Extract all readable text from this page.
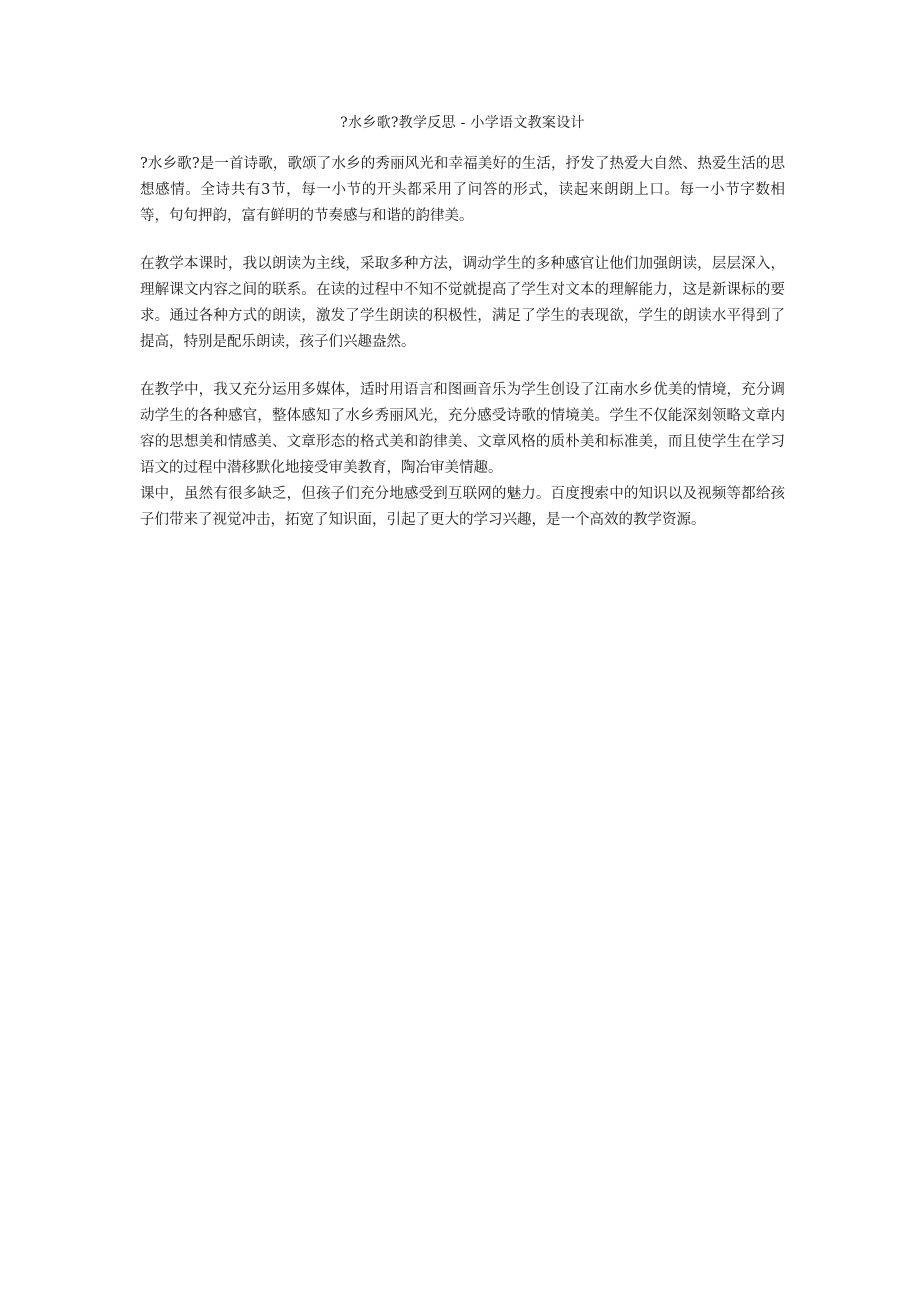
?水乡歌?教学反思 - 小学语文教案设计

?水乡歌?是一首诗歌，歌颂了水乡的秀丽风光和幸福美好的生活，抒发了热爱大自然、热爱生活的思想感情。全诗共有3节，每一小节的开头都采用了问答的形式，读起来朗朗上口。每一小节字数相等，句句押韵，富有鲜明的节奏感与和谐的韵律美。

在教学本课时，我以朗读为主线，采取多种方法，调动学生的多种感官让他们加强朗读，层层深入，理解课文内容之间的联系。在读的过程中不知不觉就提高了学生对文本的理解能力，这是新课标的要求。通过各种方式的朗读，激发了学生朗读的积极性，满足了学生的表现欲，学生的朗读水平得到了提高，特别是配乐朗读，孩子们兴趣盎然。

在教学中，我又充分运用多媒体，适时用语言和图画音乐为学生创设了江南水乡优美的情境，充分调动学生的各种感官，整体感知了水乡秀丽风光，充分感受诗歌的情境美。学生不仅能深刻领略文章内容的思想美和情感美、文章形态的格式美和韵律美、文章风格的质朴美和标准美，而且使学生在学习语文的过程中潜移默化地接受审美教育，陶冶审美情趣。

课中，虽然有很多缺乏，但孩子们充分地感受到互联网的魅力。百度搜索中的知识以及视频等都给孩子们带来了视觉冲击，拓宽了知识面，引起了更大的学习兴趣，是一个高效的教学资源。
